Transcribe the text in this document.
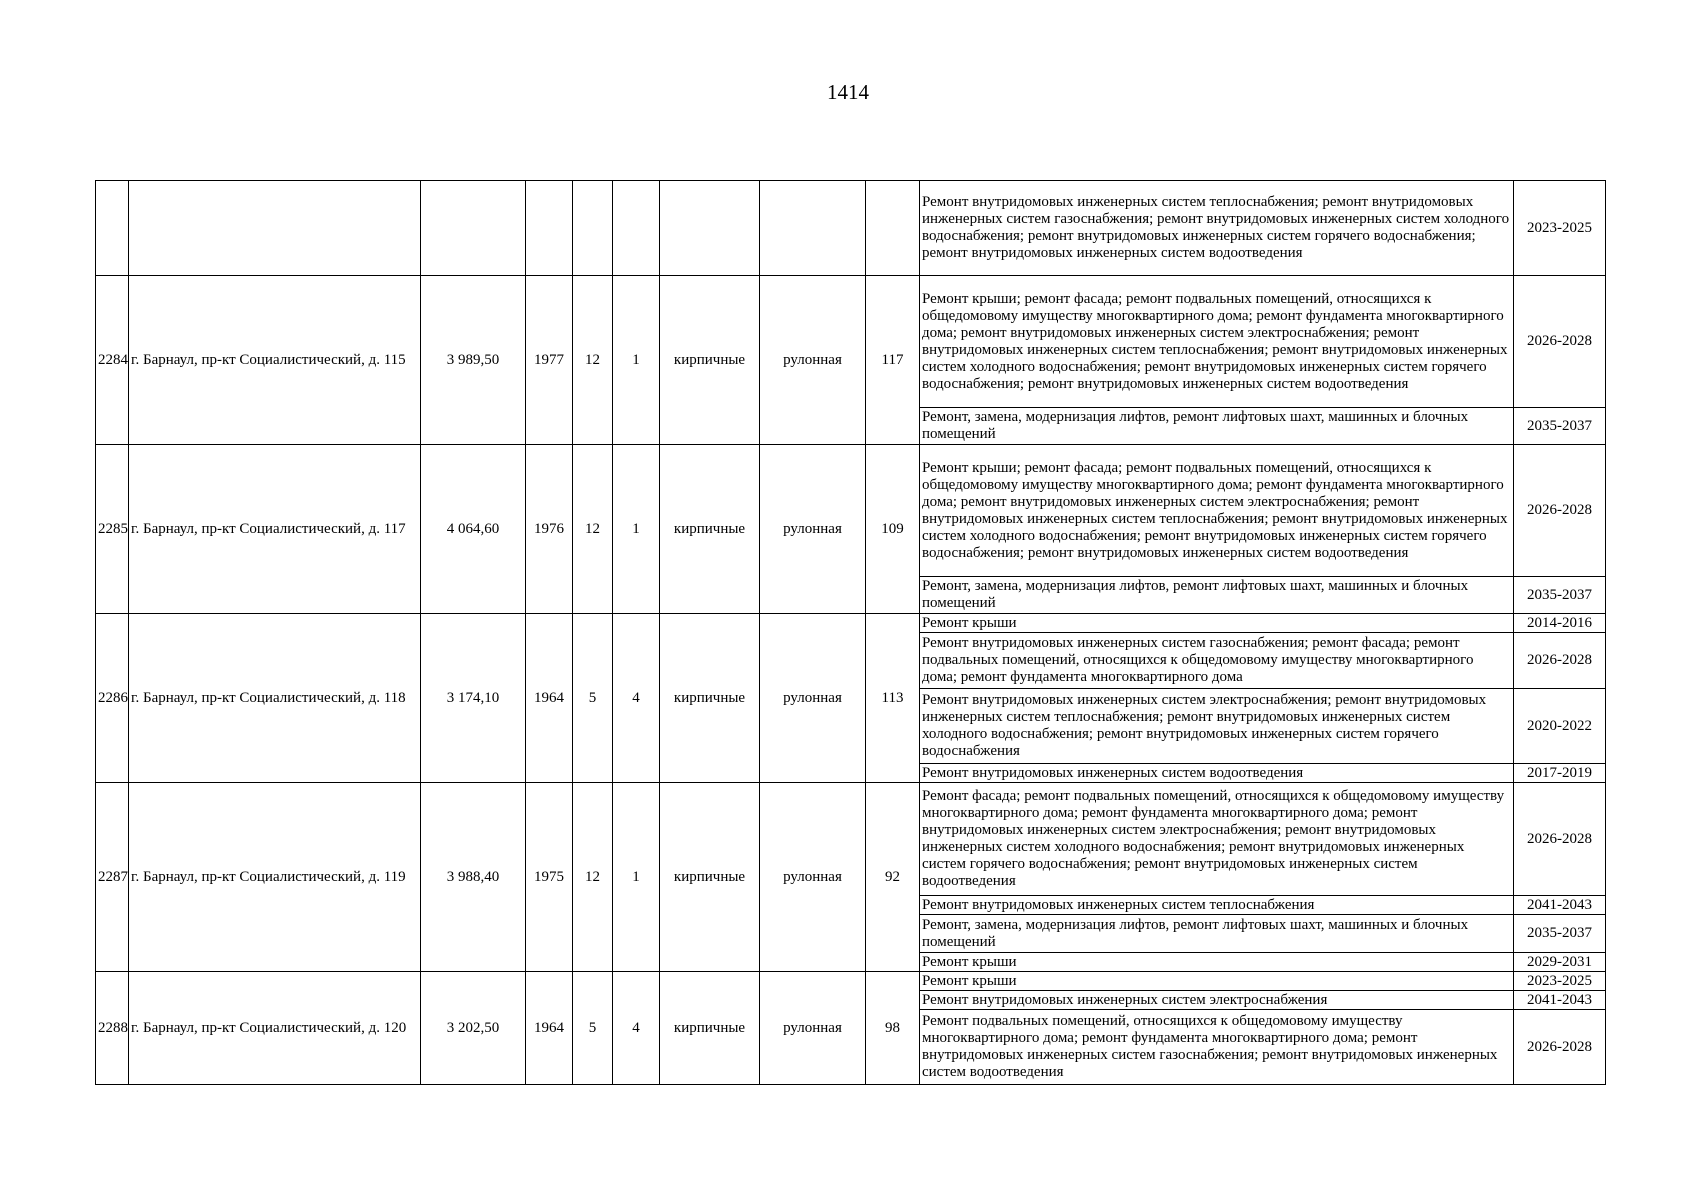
1414
									Ремонт внутридомовых инженерных систем теплоснабжения; ремонт внутридомовых инженерных систем газоснабжения; ремонт внутридомовых инженерных систем холодного водоснабжения; ремонт внутридомовых инженерных систем горячего водоснабжения; ремонт внутридомовых инженерных систем водоотведения	2023-2025
2284	г. Барнаул, пр-кт Социалистический, д. 115	3 989,50	1977	12	1	кирпичные	рулонная	117	Ремонт крыши; ремонт фасада; ремонт подвальных помещений, относящихся к общедомовому имуществу многоквартирного дома; ремонт фундамента многоквартирного дома; ремонт внутридомовых инженерных систем электроснабжения; ремонт внутридомовых инженерных систем теплоснабжения; ремонт внутридомовых инженерных систем холодного водоснабжения; ремонт внутридомовых инженерных систем горячего водоснабжения; ремонт внутридомовых инженерных систем водоотведения	2026-2028
									Ремонт, замена, модернизация лифтов, ремонт лифтовых шахт, машинных и блочных помещений	2035-2037
2285	г. Барнаул, пр-кт Социалистический, д. 117	4 064,60	1976	12	1	кирпичные	рулонная	109	Ремонт крыши; ремонт фасада; ремонт подвальных помещений, относящихся к общедомовому имуществу многоквартирного дома; ремонт фундамента многоквартирного дома; ремонт внутридомовых инженерных систем электроснабжения; ремонт внутридомовых инженерных систем теплоснабжения; ремонт внутридомовых инженерных систем холодного водоснабжения; ремонт внутридомовых инженерных систем горячего водоснабжения; ремонт внутридомовых инженерных систем водоотведения	2026-2028
									Ремонт, замена, модернизация лифтов, ремонт лифтовых шахт, машинных и блочных помещений	2035-2037
2286	г. Барнаул, пр-кт Социалистический, д. 118	3 174,10	1964	5	4	кирпичные	рулонная	113	Ремонт крыши	2014-2016
									Ремонт внутридомовых инженерных систем газоснабжения; ремонт фасада; ремонт подвальных помещений, относящихся к общедомовому имуществу многоквартирного дома; ремонт фундамента многоквартирного дома	2026-2028
									Ремонт внутридомовых инженерных систем электроснабжения; ремонт внутридомовых инженерных систем теплоснабжения; ремонт внутридомовых инженерных систем холодного водоснабжения; ремонт внутридомовых инженерных систем горячего водоснабжения	2020-2022
									Ремонт внутридомовых инженерных систем водоотведения	2017-2019
2287	г. Барнаул, пр-кт Социалистический, д. 119	3 988,40	1975	12	1	кирпичные	рулонная	92	Ремонт фасада; ремонт подвальных помещений, относящихся к общедомовому имуществу многоквартирного дома; ремонт фундамента многоквартирного дома; ремонт внутридомовых инженерных систем электроснабжения; ремонт внутридомовых инженерных систем холодного водоснабжения; ремонт внутридомовых инженерных систем горячего водоснабжения; ремонт внутридомовых инженерных систем водоотведения	2026-2028
									Ремонт внутридомовых инженерных систем теплоснабжения	2041-2043
									Ремонт, замена, модернизация лифтов, ремонт лифтовых шахт, машинных и блочных помещений	2035-2037
									Ремонт крыши	2029-2031
2288	г. Барнаул, пр-кт Социалистический, д. 120	3 202,50	1964	5	4	кирпичные	рулонная	98	Ремонт крыши	2023-2025
									Ремонт внутридомовых инженерных систем электроснабжения	2041-2043
									Ремонт подвальных помещений, относящихся к общедомовому имуществу многоквартирного дома; ремонт фундамента многоквартирного дома; ремонт внутридомовых инженерных систем газоснабжения; ремонт внутридомовых инженерных систем водоотведения	2026-2028
